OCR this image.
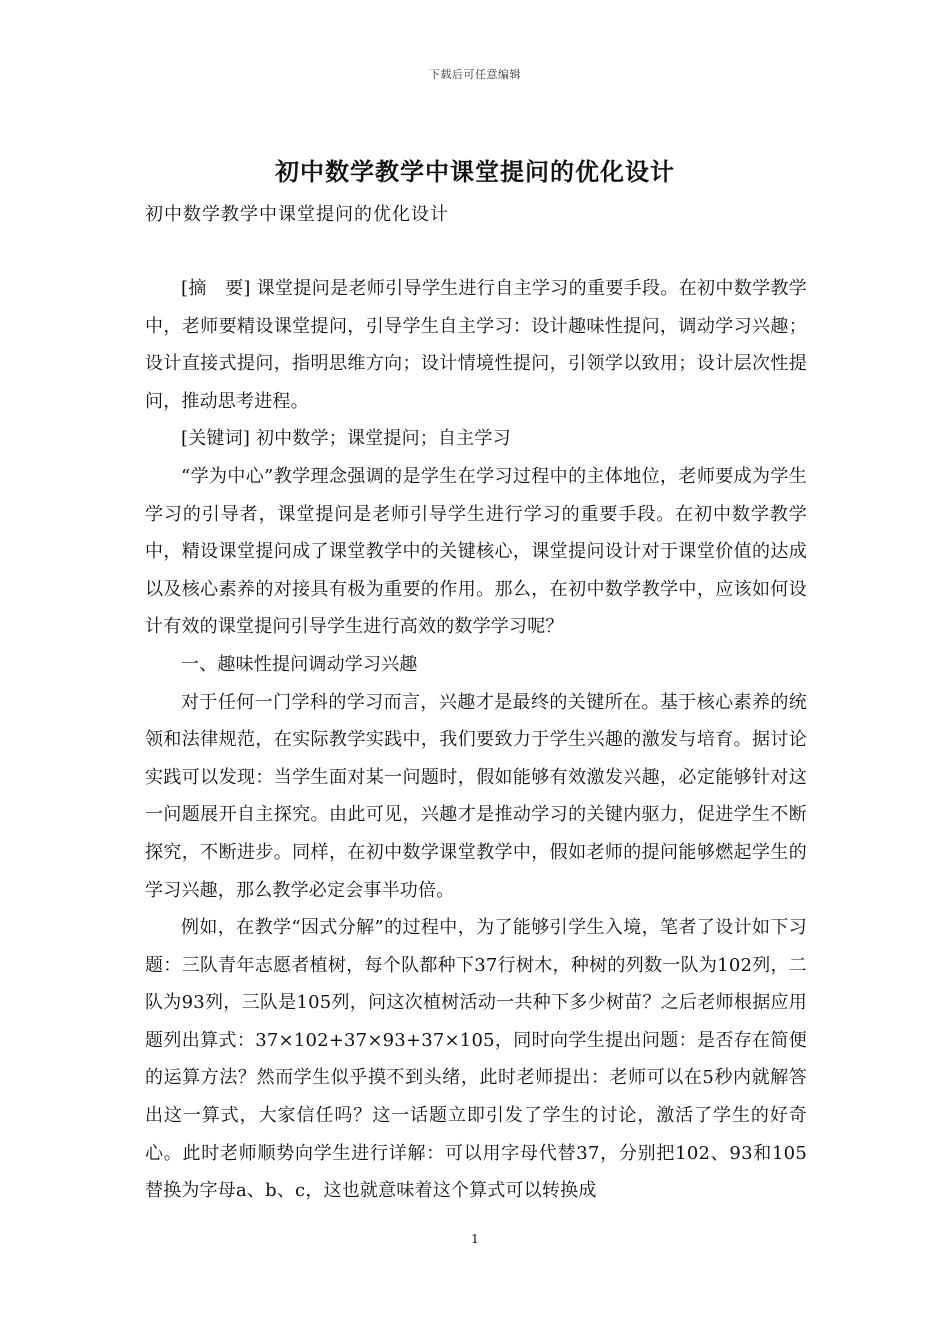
下载后可任意编辑
初中数学教学中课堂提问的优化设计
初中数学教学中课堂提问的优化设计

[摘　要] 课堂提问是老师引导学生进行自主学习的重要手段。在初中数学教学中，老师要精设课堂提问，引导学生自主学习：设计趣味性提问，调动学习兴趣；设计直接式提问，指明思维方向；设计情境性提问，引领学以致用；设计层次性提问，推动思考进程。

[关键词] 初中数学；课堂提问；自主学习

“学为中心”教学理念强调的是学生在学习过程中的主体地位，老师要成为学生学习的引导者，课堂提问是老师引导学生进行学习的重要手段。在初中数学教学中，精设课堂提问成了课堂教学中的关键核心，课堂提问设计对于课堂价值的达成以及核心素养的对接具有极为重要的作用。那么，在初中数学教学中，应该如何设计有效的课堂提问引导学生进行高效的数学学习呢？

一、趣味性提问调动学习兴趣

对于任何一门学科的学习而言，兴趣才是最终的关键所在。基于核心素养的统领和法律规范，在实际教学实践中，我们要致力于学生兴趣的激发与培育。据讨论实践可以发现：当学生面对某一问题时，假如能够有效激发兴趣，必定能够针对这一问题展开自主探究。由此可见，兴趣才是推动学习的关键内驱力，促进学生不断探究，不断进步。同样，在初中数学课堂教学中，假如老师的提问能够燃起学生的学习兴趣，那么教学必定会事半功倍。

例如，在教学“因式分解”的过程中，为了能够引学生入境，笔者了设计如下习题：三队青年志愿者植树，每个队都种下37行树木，种树的列数一队为102列，二队为93列，三队是105列，问这次植树活动一共种下多少树苗？之后老师根据应用题列出算式：37×102+37×93+37×105，同时向学生提出问题：是否存在简便的运算方法？然而学生似乎摸不到头绪，此时老师提出：老师可以在5秒内就解答出这一算式，大家信任吗？这一话题立即引发了学生的讨论，激活了学生的好奇心。此时老师顺势向学生进行详解：可以用字母代替37，分别把102、93和105替换为字母a、b、c，这也就意味着这个算式可以转换成

1
